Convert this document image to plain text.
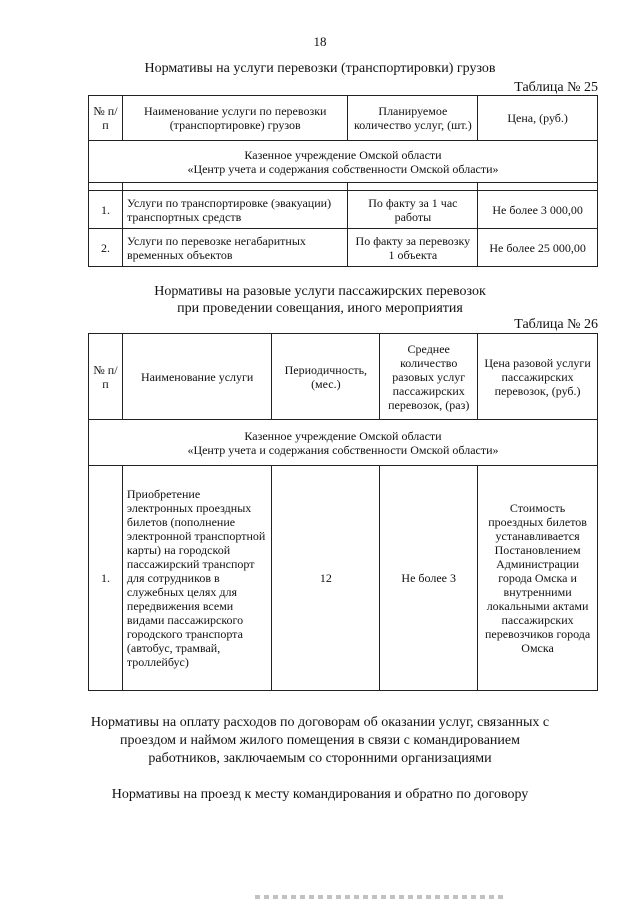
18
Нормативы на услуги перевозки (транспортировки) грузов
Таблица № 25
№ п/п	Наименование услуги по перевозки (транспортировке) грузов	Планируемое количество услуг, (шт.)	Цена, (руб.)

Казенное учреждение Омской области
«Центр учета и содержания собственности Омской области»			

1.	Услуги по транспортировке (эвакуации) транспортных средств	По факту за 1 час работы	Не более 3 000,00
2.	Услуги по перевозке негабаритных временных объектов	По факту за перевозку 1 объекта	Не более 25 000,00
Нормативы на разовые услуги пассажирских перевозок
при проведении совещания, иного мероприятия
Таблица № 26
№ п/п	Наименование услуги	Периодичность, (мес.)	Среднее количество разовых услуг пассажирских перевозок, (раз)	Цена разовой услуги пассажирских перевозок, (руб.)

Казенное учреждение Омской области
«Центр учета и содержания собственности Омской области»				

1.	Приобретение электронных проездных билетов (пополнение электронной транспортной карты) на городской пассажирский транспорт для сотрудников в служебных целях для передвижения всеми видами пассажирского городского транспорта (автобус, трамвай, троллейбус)	12	Не более 3	Стоимость проездных билетов устанавливается Постановлением Администрации города Омска и внутренними локальными актами пассажирских перевозчиков города Омска
Нормативы на оплату расходов по договорам об оказании услуг, связанных с
проездом и наймом жилого помещения в связи с командированием
работников, заключаемым со сторонними организациями
Нормативы на проезд к месту командирования и обратно по договору
